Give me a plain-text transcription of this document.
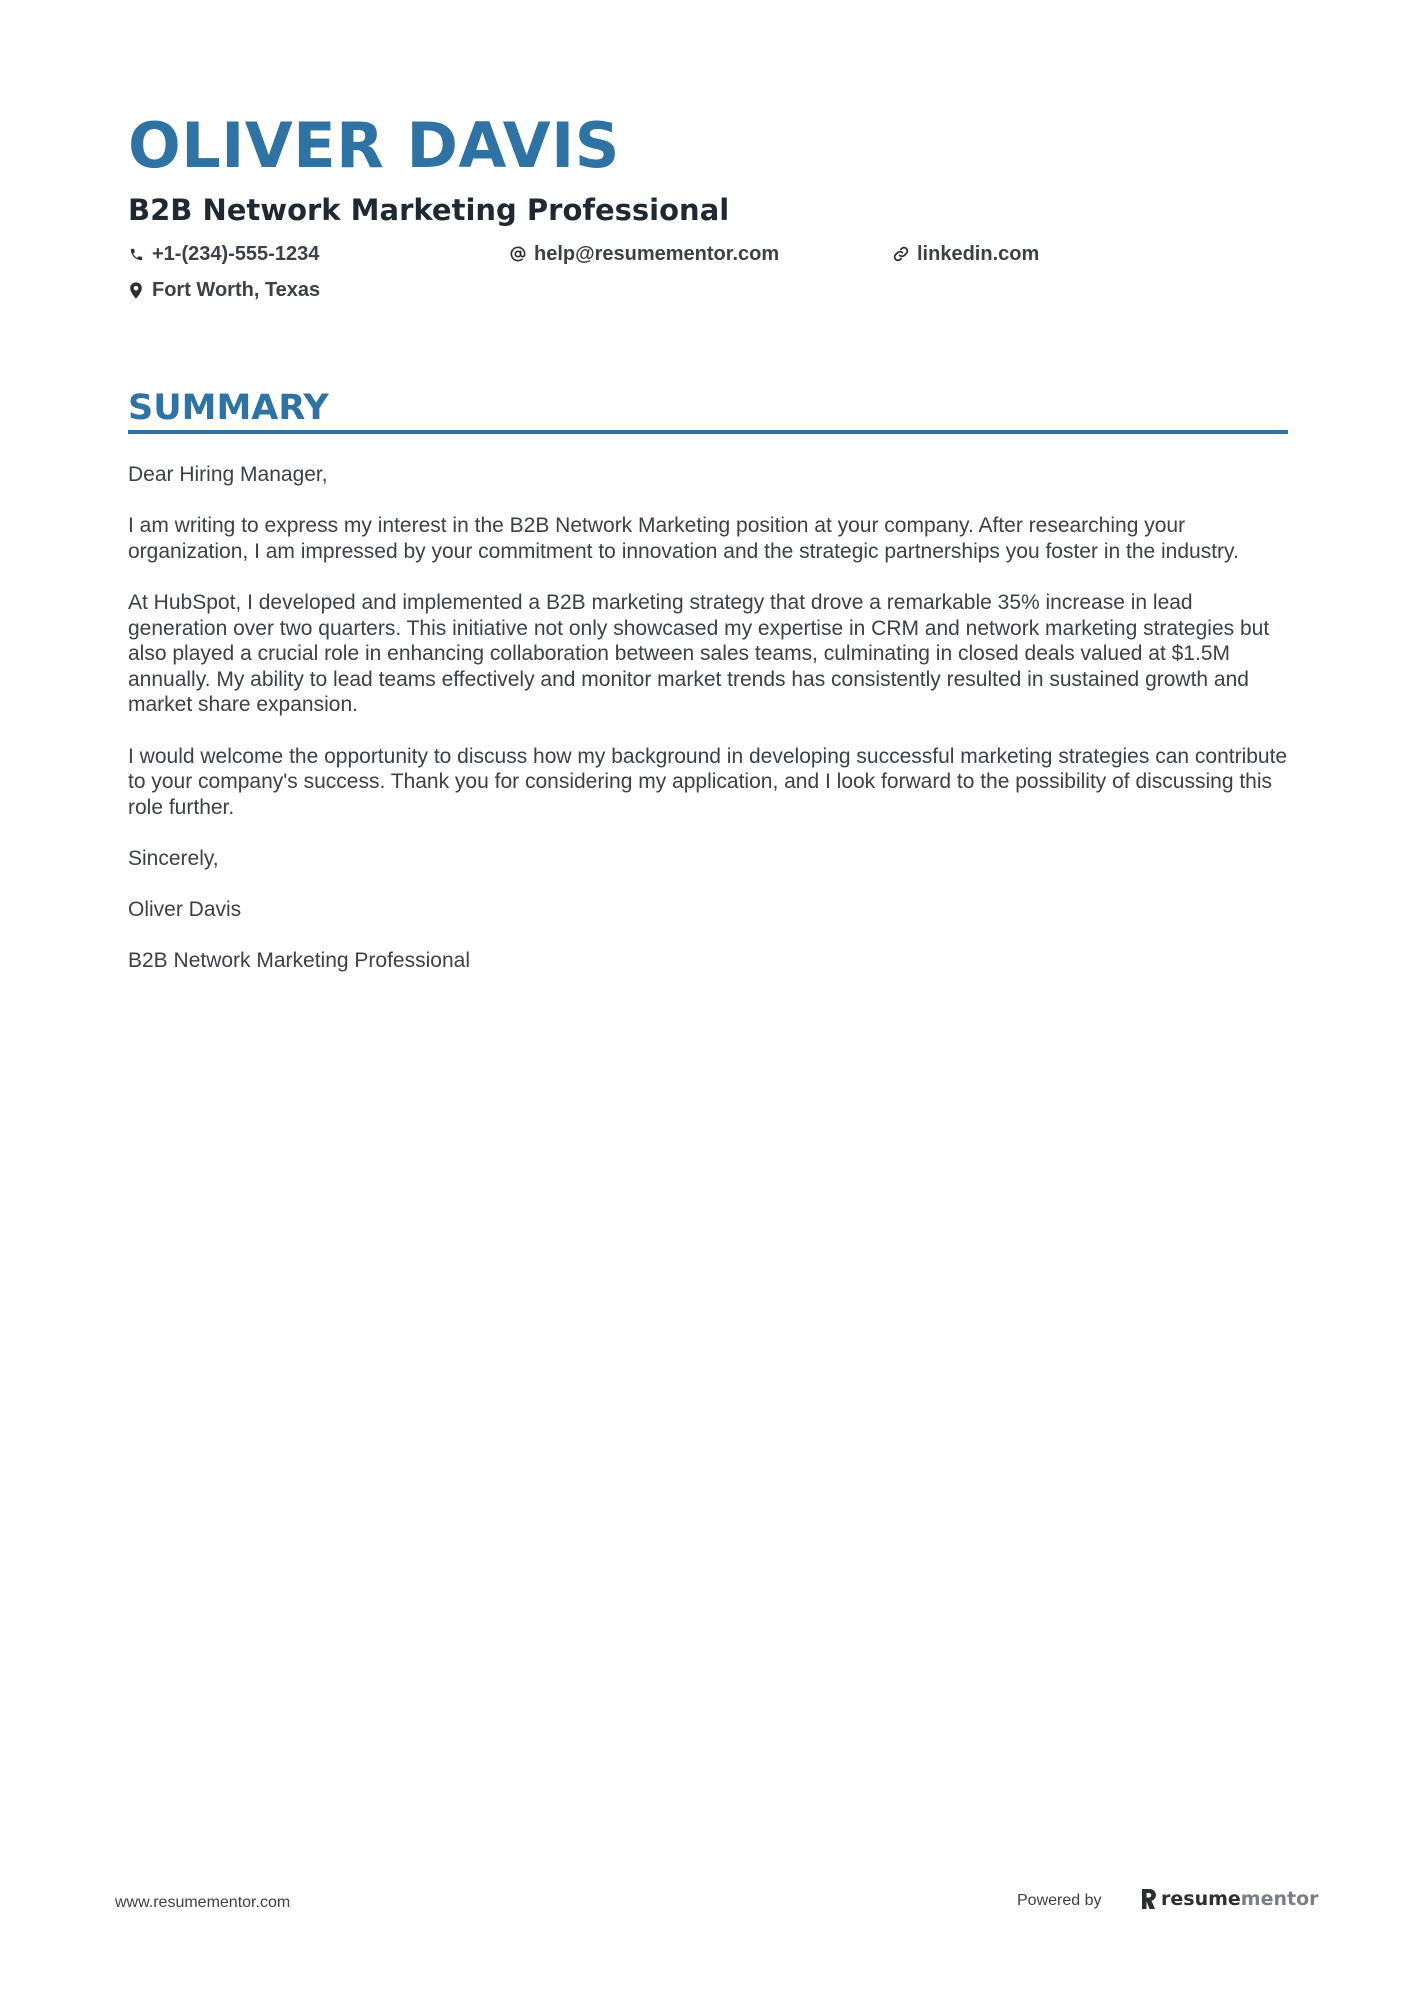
OLIVER DAVIS
B2B Network Marketing Professional
+1-(234)-555-1234	help@resumementor.com	linkedin.com
Fort Worth, Texas
SUMMARY

Dear Hiring Manager,

I am writing to express my interest in the B2B Network Marketing position at your company. After researching your organization, I am impressed by your commitment to innovation and the strategic partnerships you foster in the industry.

At HubSpot, I developed and implemented a B2B marketing strategy that drove a remarkable 35% increase in lead generation over two quarters. This initiative not only showcased my expertise in CRM and network marketing strategies but also played a crucial role in enhancing collaboration between sales teams, culminating in closed deals valued at $1.5M annually. My ability to lead teams effectively and monitor market trends has consistently resulted in sustained growth and market share expansion.

I would welcome the opportunity to discuss how my background in developing successful marketing strategies can contribute to your company's success. Thank you for considering my application, and I look forward to the possibility of discussing this role further.

Sincerely,

Oliver Davis

B2B Network Marketing Professional

www.resumementor.com	Powered by	resume mentor
